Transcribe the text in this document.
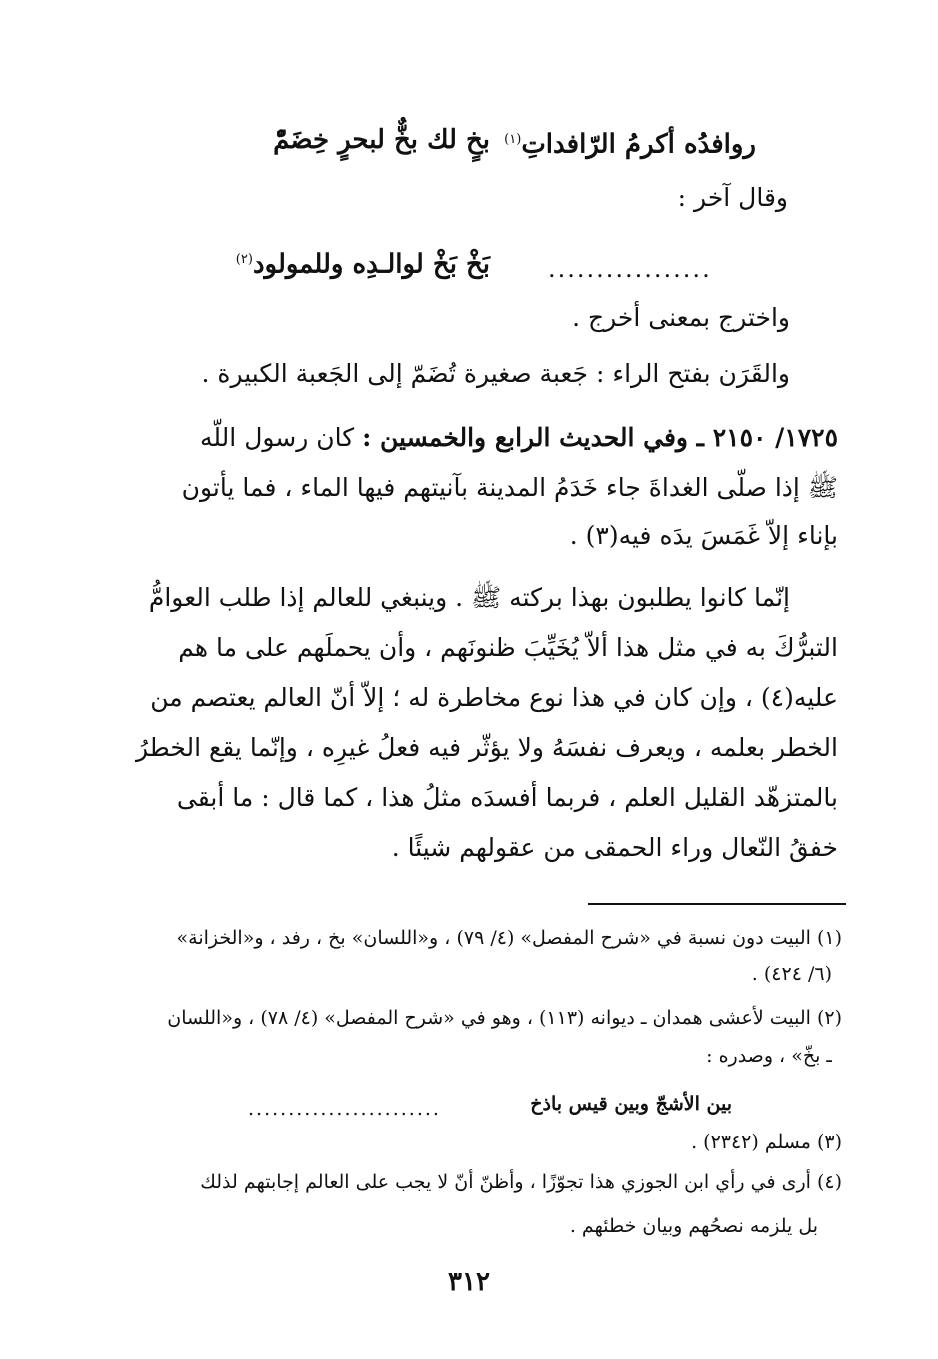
بخٍ لك بخٌّ لبحرٍ خِضَمّْ	روافدُه أكرمُ الرّافداتِ$^{(١)}$
وقال آخر :
بَخْ بَخْ لوالـدِه وللمولود$^{(٢)}$	.................
واخترج بمعنى أخرج .
والقَرَن بفتح الراء : جَعبة صغيرة تُضَمّ إلى الجَعبة الكبيرة .
١٧٢٥/ ٢١٥٠ ـ وفي الحديث الرابع والخمسين : كان رسول اللّه
ﷺ إذا صلّى الغداةَ جاء خَدَمُ المدينة بآنيتهم فيها الماء ، فما يأتون
بإناء إلاّ غَمَسَ يدَه فيه(٣) .
إنّما كانوا يطلبون بهذا بركته ﷺ . وينبغي للعالم إذا طلب العوامُّ
التبرُّكَ به في مثل هذا ألاّ يُخَيِّبَ ظنونَهم ، وأن يحملَهم على ما هم
عليه(٤) ، وإن كان في هذا نوع مخاطرة له ؛ إلاّ أنّ العالم يعتصم من
الخطر بعلمه ، ويعرف نفسَهُ ولا يؤثّر فيه فعلُ غيرِه ، وإنّما يقع الخطرُ
بالمتزهّد القليل العلم ، فربما أفسدَه مثلُ هذا ، كما قال : ما أبقى
خفقُ النّعال وراء الحمقى من عقولهم شيئًا .
(١) البيت دون نسبة في «شرح المفصل» (٤/ ٧٩) ، و«اللسان» بخ ، رفد ، و«الخزانة»
(٦/ ٤٢٤) .
(٢) البيت لأعشى همدان ـ ديوانه (١١٣) ، وهو في «شرح المفصل» (٤/ ٧٨) ، و«اللسان
ـ بخّ» ، وصدره :
بين الأشجّ وبين قيس باذخ
........................
(٣) مسلم (٢٣٤٢) .
(٤) أرى في رأي ابن الجوزي هذا تجوّزًا ، وأظنّ أنّ لا يجب على العالم إجابتهم لذلك
بل يلزمه نصحُهم وبيان خطئهم .
٣١٢
